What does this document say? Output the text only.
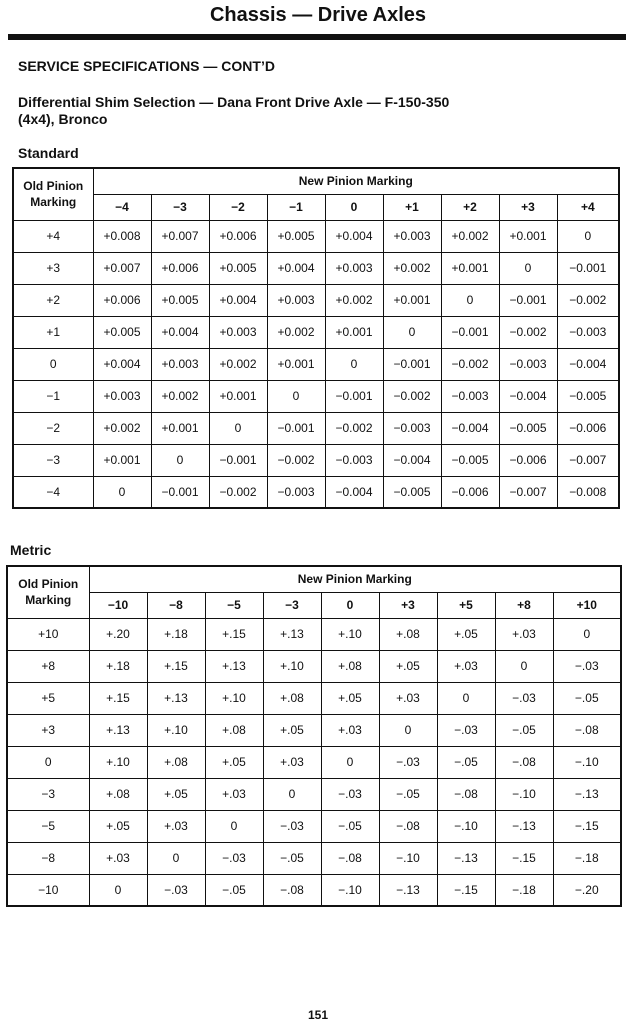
Chassis — Drive Axles
SERVICE SPECIFICATIONS — CONT’D
Differential Shim Selection — Dana Front Drive Axle — F-150-350
(4x4), Bronco
Standard
Old Pinion
Marking	New Pinion Marking								
	−4	−3	−2	−1	0	+1	+2	+3	+4
+4	+0.008	+0.007	+0.006	+0.005	+0.004	+0.003	+0.002	+0.001	0
+3	+0.007	+0.006	+0.005	+0.004	+0.003	+0.002	+0.001	0	−0.001
+2	+0.006	+0.005	+0.004	+0.003	+0.002	+0.001	0	−0.001	−0.002
+1	+0.005	+0.004	+0.003	+0.002	+0.001	0	−0.001	−0.002	−0.003
0	+0.004	+0.003	+0.002	+0.001	0	−0.001	−0.002	−0.003	−0.004
−1	+0.003	+0.002	+0.001	0	−0.001	−0.002	−0.003	−0.004	−0.005
−2	+0.002	+0.001	0	−0.001	−0.002	−0.003	−0.004	−0.005	−0.006
−3	+0.001	0	−0.001	−0.002	−0.003	−0.004	−0.005	−0.006	−0.007
−4	0	−0.001	−0.002	−0.003	−0.004	−0.005	−0.006	−0.007	−0.008
Metric
Old Pinion
Marking	New Pinion Marking								
	−10	−8	−5	−3	0	+3	+5	+8	+10
+10	+.20	+.18	+.15	+.13	+.10	+.08	+.05	+.03	0
+8	+.18	+.15	+.13	+.10	+.08	+.05	+.03	0	−.03
+5	+.15	+.13	+.10	+.08	+.05	+.03	0	−.03	−.05
+3	+.13	+.10	+.08	+.05	+.03	0	−.03	−.05	−.08
0	+.10	+.08	+.05	+.03	0	−.03	−.05	−.08	−.10
−3	+.08	+.05	+.03	0	−.03	−.05	−.08	−.10	−.13
−5	+.05	+.03	0	−.03	−.05	−.08	−.10	−.13	−.15
−8	+.03	0	−.03	−.05	−.08	−.10	−.13	−.15	−.18
−10	0	−.03	−.05	−.08	−.10	−.13	−.15	−.18	−.20
151
